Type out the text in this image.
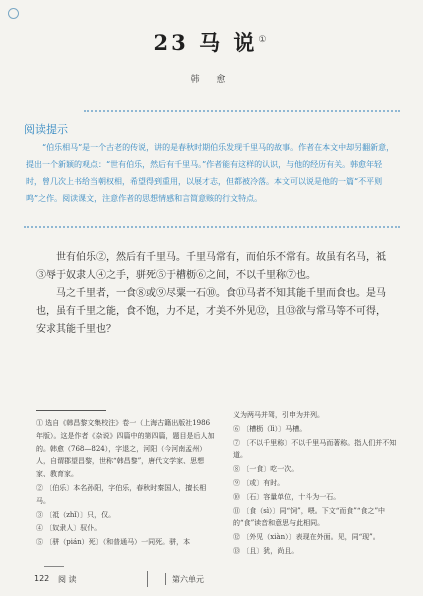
23 马 说①
韩 愈
阅读提示

“伯乐相马”是一个古老的传说，讲的是春秋时期伯乐发现千里马的故事。作者在本文中却另翻新意，提出一个新颖的观点：“世有伯乐，然后有千里马。”作者能有这样的认识，与他的经历有关。韩愈年轻时，曾几次上书给当朝权相，希望得到重用，以展才志，但都被冷落。本文可以说是他的一篇“不平则鸣”之作。阅读课文，注意作者的思想情感和言简意赅的行文特点。

世有伯乐②，然后有千里马。千里马常有，而伯乐不常有。故虽有名马，祗③辱于奴隶人④之手，骈死⑤于槽枥⑥之间，不以千里称⑦也。

马之千里者，一食⑧或⑨尽粟一石⑩。食⑪马者不知其能千里而食也。是马也，虽有千里之能，食不饱，力不足，才美不外见⑫，且⑬欲与常马等不可得，安求其能千里也？

① 选自《韩昌黎文集校注》卷一（上海古籍出版社1986年版）。这是作者《杂说》四篇中的第四篇，题目是后人加的。韩愈（768—824），字退之，河阳（今河南孟州）人，自谓郡望昌黎，世称“韩昌黎”，唐代文学家、思想家、教育家。

② 〔伯乐〕本名孙阳，字伯乐，春秋时秦国人，擅长相马。

③ 〔祗（zhǐ）〕只，仅。

④ 〔奴隶人〕驭仆。

⑤ 〔骈（pián）死〕（和普通马）一同死。骈，本

义为两马并驾，引申为并列。

⑥ 〔槽枥（lì）〕马槽。

⑦ 〔不以千里称〕不以千里马而著称。指人们并不知道。

⑧ 〔一食〕吃一次。

⑨ 〔或〕有时。

⑩ 〔石〕容量单位，十斗为一石。

⑪ 〔食（sì）〕同“饲”，喂。下文“而食”“食之”中的“食”读音和意思与此相同。

⑫ 〔外见（xiàn）〕表现在外面。见，同“现”。

⑬ 〔且〕犹，尚且。

122 阅 读	第六单元
